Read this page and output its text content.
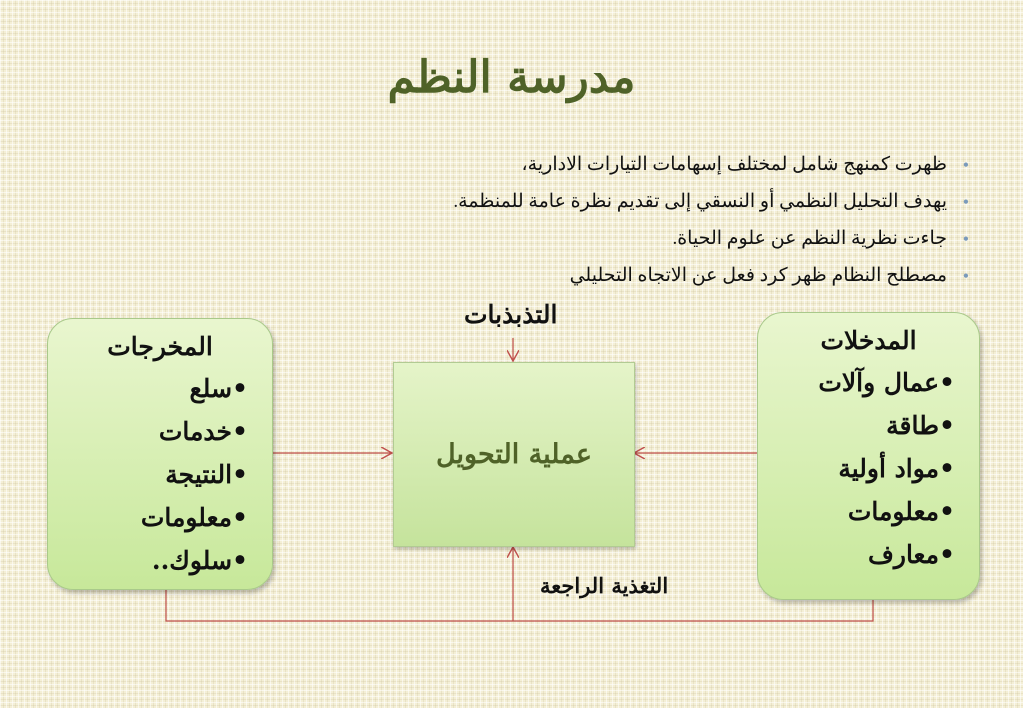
مدرسة النظم
•
ظهرت كمنهج شامل لمختلف إسهامات التيارات الادارية،
•
يهدف التحليل النظمي أو النسقي إلى تقديم نظرة عامة للمنظمة.
•
جاءت نظرية النظم عن علوم الحياة.
•
مصطلح النظام ظهر كرد فعل عن الاتجاه التحليلي
المخرجات
•سلع
•خدمات
•النتيجة
•معلومات
•سلوك..
المدخلات
•عمال وآلات
•طاقة
•مواد أولية
•معلومات
•معارف
عملية التحويل
التذبذبات
التغذية الراجعة
